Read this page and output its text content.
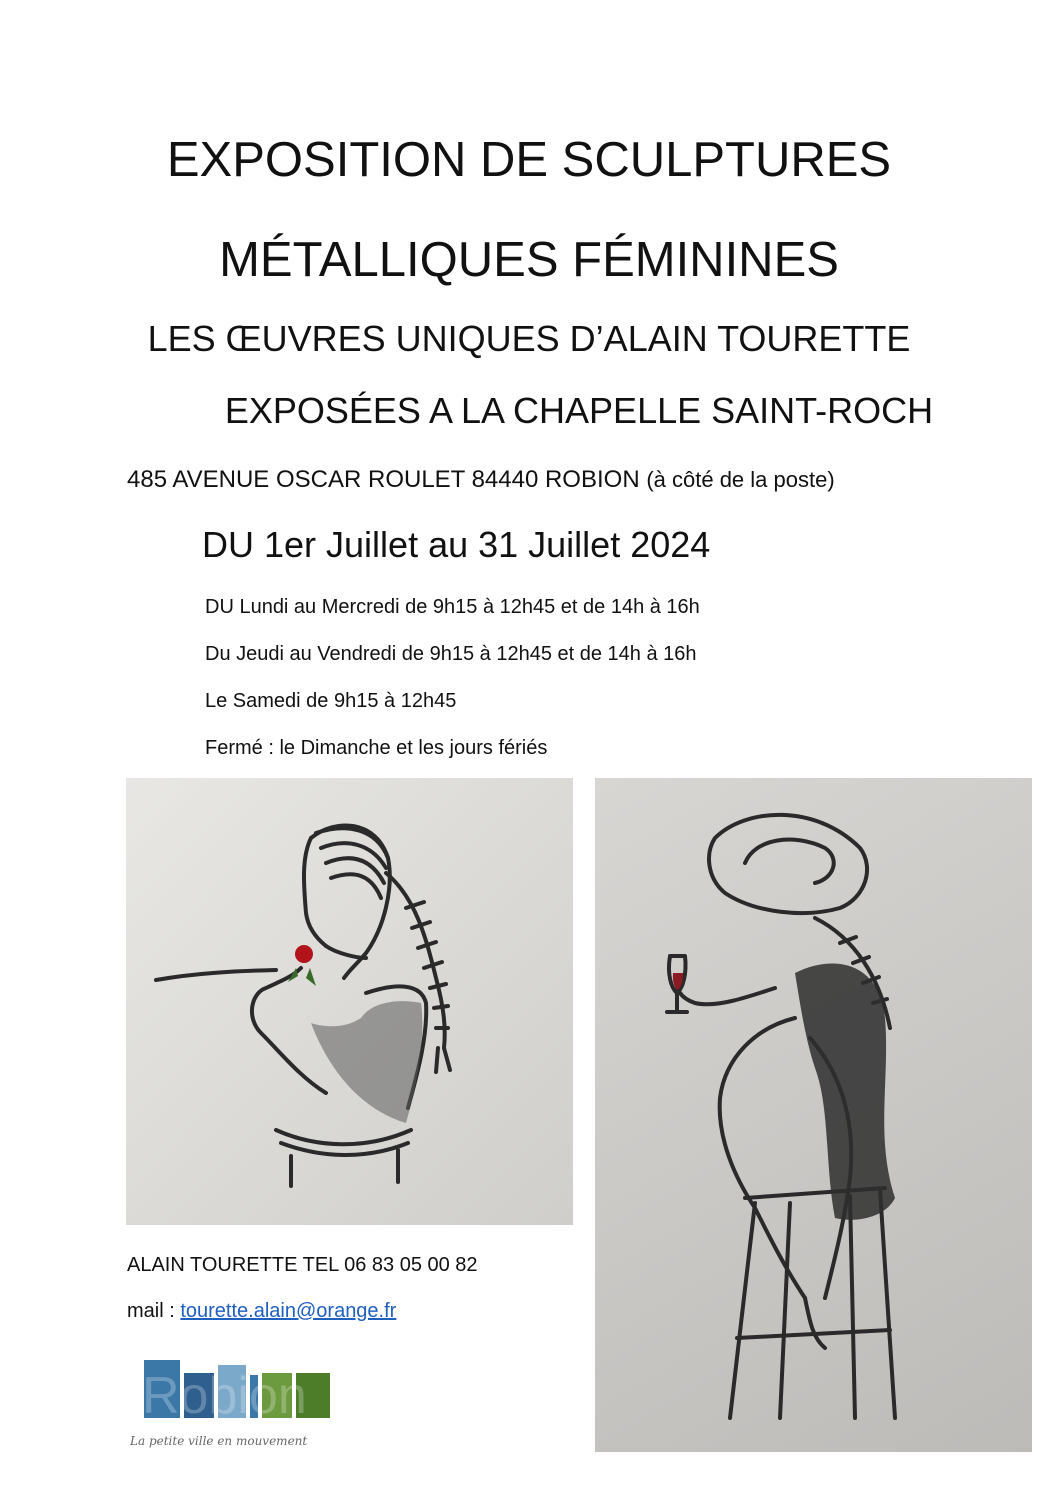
EXPOSITION DE SCULPTURES
MÉTALLIQUES FÉMININES
LES ŒUVRES UNIQUES D’ALAIN TOURETTE
EXPOSÉES A LA CHAPELLE SAINT-ROCH
485 AVENUE OSCAR ROULET 84440 ROBION (à côté de la poste)
DU 1er Juillet au 31 Juillet 2024
DU Lundi au Mercredi de 9h15 à 12h45 et de 14h à 16h
Du Jeudi au Vendredi de 9h15 à 12h45 et de 14h à 16h
Le Samedi de 9h15 à 12h45
Fermé : le Dimanche et les jours fériés
ALAIN TOURETTE TEL 06 83 05 00 82
mail : tourette.alain@orange.fr
Robion
La petite ville en mouvement
